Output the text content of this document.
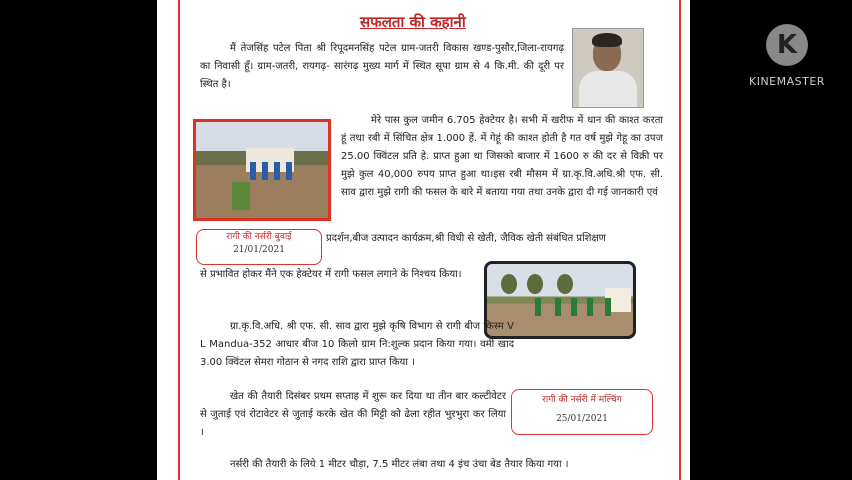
सफलता की कहानी
मैं तेजसिंह पटेल पिता श्री रिपूदमनसिंह पटेल ग्राम-जतरी विकास खण्ड-पुसौर,जिला-रायगढ़ का निवासी हूँ। ग्राम-जतरी, रायगढ़- सारंगढ़ मुख्य मार्ग में स्थित सूपा ग्राम से 4 कि.मी. की दूरी पर स्थित है।
मेरे पास कुल जमीन 6.705 हेक्टेयर है। सभी में खरीफ में धान की काश्त करता हूं तथा रबी में सिंचित क्षेत्र 1.000 हें. में गेहूं की काश्त होती है गत वर्ष मुझे गेहू का उपज 25.00 क्विंटल प्रति हे. प्राप्त हुआ था जिसको बाजार में 1600 रु की दर से विक्री पर मुझे कुल 40,000 रुपय प्राप्त हुआ था।इस रबी मौसम में ग्रा.कृ.वि.अधि.श्री एफ. सी. साव द्वारा मुझे रागी की फसल के बारे में बताया गया तथा उनके द्वारा दी गई जानकारी एवं
रागी की नर्सरी बुवाई
21/01/2021
प्रदर्शन,बीज उत्पादन कार्यक्रम,श्री विधी से खेती, जैविक खेती संबंधित प्रशिक्षण
से प्रभावित होकर मैंने एक हेक्टेयर में रागी फसल लगाने के निश्चय किया।
ग्रा.कृ.वि.अधि. श्री एफ. सी. साव द्वारा मुझे कृषि विभाग से रागी बीज किस्म V L Mandua-352 आधार बीज 10 किलो ग्राम नि:शुल्क प्रदान किया गया। वर्मी खाद 3.00 क्विंटल सेमरा गोठान से नगद राशि द्वारा प्राप्त किया ।
रागी की नर्सरी में मल्चिंग
25/01/2021
खेत की तैयारी दिसंबर प्रथम सप्ताह में शुरू कर दिया था तीन बार कल्टीवेटर से जुताई एवं रोटावेटर से जुताई करके खेत की मिट्टी को ढेला रहीत भुरभुरा कर लिया ।
नर्सरी की तैयारी के लिये 1 मीटर चौड़ा, 7.5 मीटर लंबा तथा 4 इंच उंचा बेड तैयार किया गया ।
K
KINEMASTER
